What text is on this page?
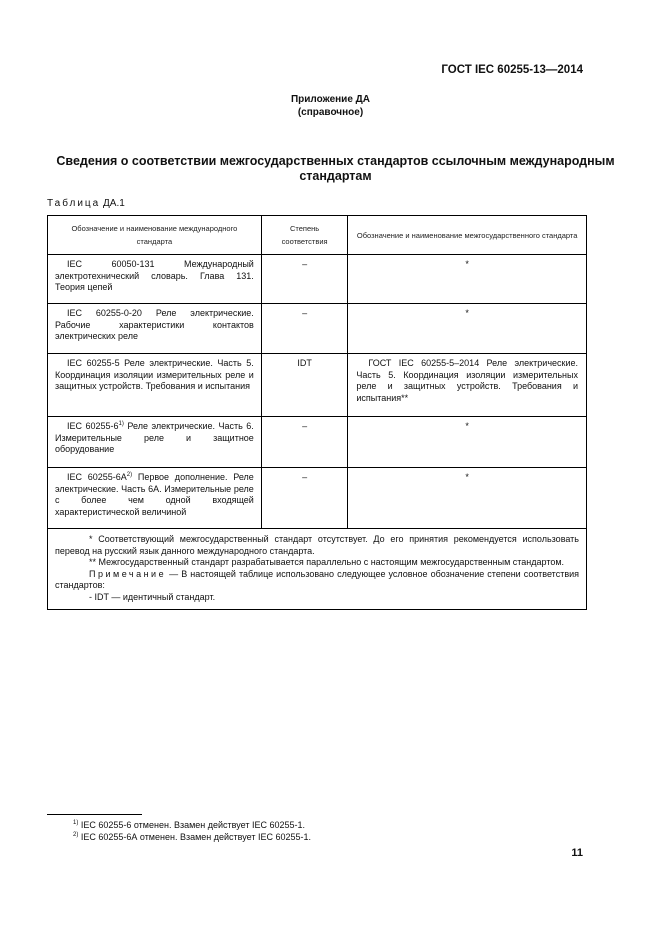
ГОСТ IEC 60255-13—2014
Приложение ДА
(справочное)
Сведения о соответствии межгосударственных стандартов ссылочным международным стандартам
Таблица ДА.1
Обозначение и наименование международного стандарта	Степень соответствия	Обозначение и наименование межгосударственного стандарта
IEC 60050-131 Международный электротехнический словарь. Глава 131. Теория цепей	–	*
IEC 60255-0-20 Реле электрические. Рабочие характеристики контактов электрических реле	–	*
IEC 60255-5 Реле электрические. Часть 5. Координация изоляции измерительных реле и защитных устройств. Требования и испытания	IDT	ГОСТ IEC 60255-5–2014 Реле электрические. Часть 5. Координация изоляции измерительных реле и защитных устройств. Требования и испытания**
IEC 60255-6$^{1)}$ Реле электрические. Часть 6. Измерительные реле и защитное оборудование	–	*
IEC $60255-6A^{2)}$ Первое дополнение. Реле электрические. Часть 6А. Измерительные реле с более чем одной входящей характеристической величиной	–	*

* Соответствующий межгосударственный стандарт отсутствует. До его принятия рекомендуется использовать перевод на русский язык данного международного стандарта.

** Межгосударственный стандарт разрабатывается параллельно с настоящим межгосударственным стандартом.

Примечание — В настоящей таблице использовано следующее условное обозначение степени соответствия стандартов:

- IDT — идентичный стандарт.		

$^{1)}$ IEC 60255-6 отменен. Взамен действует IEC 60255-1.
$^{2)}$ IEC 60255-6А отменен. Взамен действует IEC 60255-1.
11
